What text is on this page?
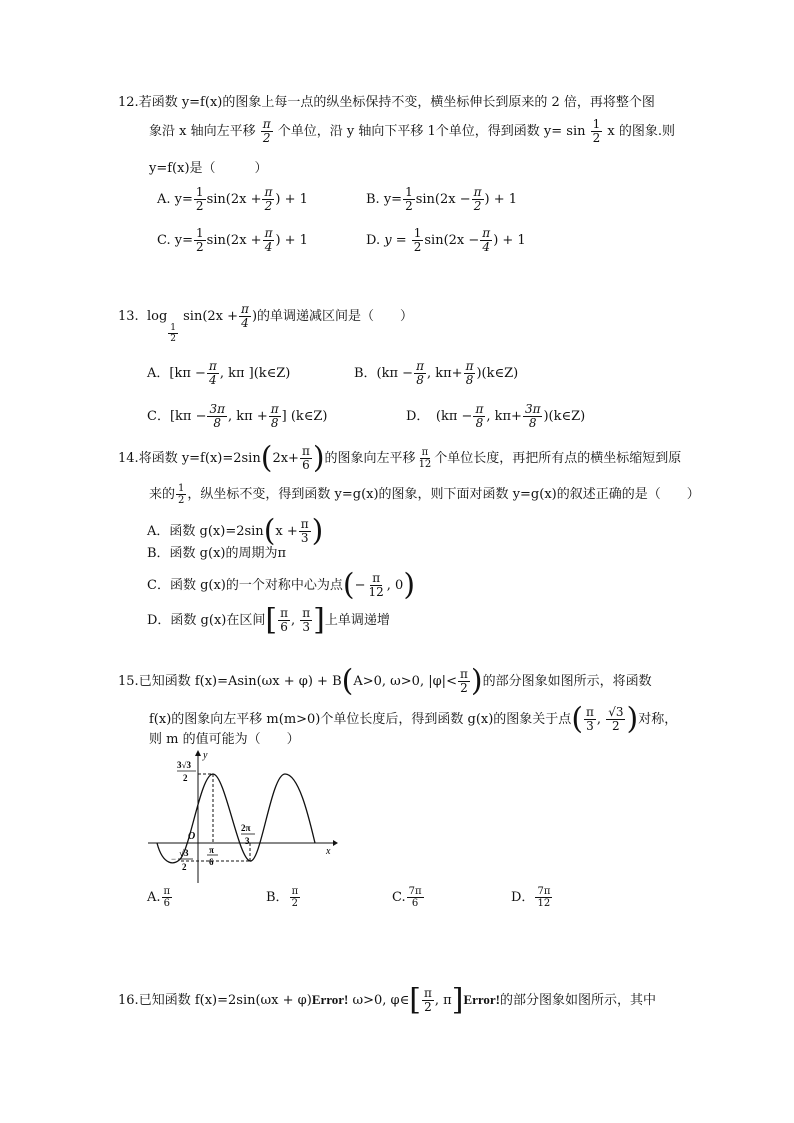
12.若函数 y=f(x)的图象上每一点的纵坐标保持不变，横坐标伸长到原来的 2 倍，再将整个图
象沿 x 轴向左平移 $\frac{\pi}{2}$ 个单位，沿 y 轴向下平移 1个单位，得到函数 $y= \sin \frac{1}{2}$ x 的图象.则
y=f(x)是（　　　）
A. $y= \frac{1}{2} \sin(2x + \frac{\pi}{2}$ ) + 1	B. $y= \frac{1}{2} \sin(2x - \frac{\pi}{2}$ ) + 1
C. $y= \frac{1}{2} \sin(2x + \frac{\pi}{4}$ ) + 1	D. $y = \frac{1}{2} \sin(2x - \frac{\pi}{4}$ ) + 1
13. log
$\frac{1}{2}$
$\sin(2x + \frac{\pi}{4}$ )的单调递减区间是（　　）
A．[$k\pi - \frac{\pi}{4}$ , kπ ](k∈Z)	B．($k\pi - \frac{\pi}{8}$ , $k\pi+ \frac{\pi}{8}$ )(k∈Z)
C．[$k\pi - \frac{3\pi}{8}$ , $k\pi + \frac{\pi}{8}$ ] (k∈Z)	D．　($k\pi - \frac{\pi}{8}$ , $k\pi+ \frac{3\pi}{8}$ )(k∈Z)
14.将函数 $y=f(x)=2\sin(2x+ \frac{\pi}{6}$ )的图象向左平移 $\frac{\pi}{12}$ 个单位长度，再把所有点的横坐标缩短到原
来的 $\frac{1}{2}$ ，纵坐标不变，得到函数 y=g(x)的图象，则下面对函数 y=g(x)的叙述正确的是（　　）
A．函数 $g(x)=2\sin(x + \frac{\pi}{3}$ )
B．函数 g(x)的周期为π
C．函数 g(x)的一个对称中心为点(− $\frac{\pi}{12}$ , 0)
D．函数 g(x)在区间[ $\frac{\pi}{6}$ , $\frac{\pi}{3}$ ]上单调递增
15.已知函数 f(x)=Asin(ωx + φ) + B(A>0, ω>0, $|\varphi|< \frac{\pi}{2}$ )的部分图象如图所示，将函数
f(x)的图象向左平移 m(m>0)个单位长度后，得到函数 g(x)的图象关于点( $\frac{\pi}{3}$ , $\frac{√3}{2}$ )对称，
则 m 的值可能为（　　）
y
x
O
3√3
2
−
√3
2
π
6
2π
3
A. $\frac{\pi}{6}$	B． $\frac{\pi}{2}$	C. $\frac{7\pi}{6}$	D． $\frac{7\pi}{12}$
16.已知函数 f(x)=2sin(ωx + φ)Error! ω>0, φ∈[ $\frac{\pi}{2}$ , π]Error!的部分图象如图所示，其中
